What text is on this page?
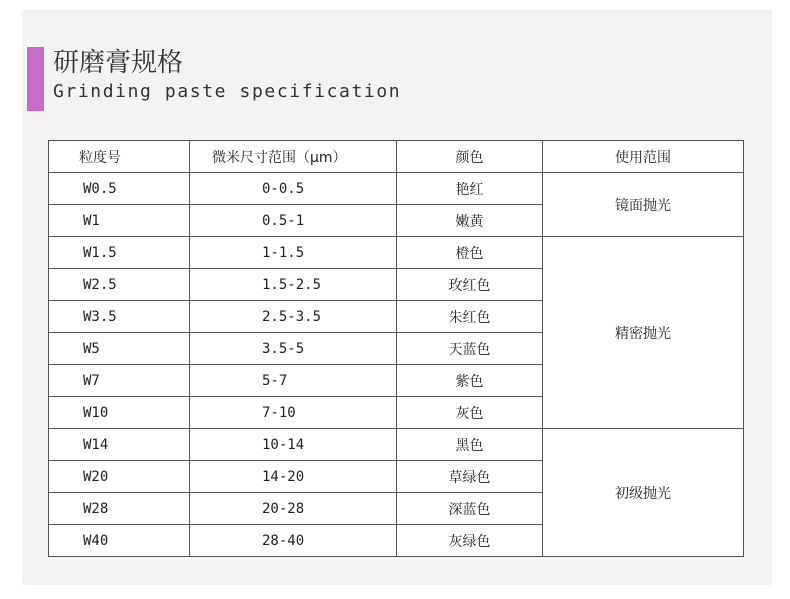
研磨膏规格
Grinding paste specification
粒度号	微米尺寸范围（μm）	颜色	使用范围
W0.5	0-0.5	艳红	镜面抛光
W1	0.5-1	嫩黄	
W1.5	1-1.5	橙色	精密抛光
W2.5	1.5-2.5	玫红色	
W3.5	2.5-3.5	朱红色	
W5	3.5-5	天蓝色	
W7	5-7	紫色	
W10	7-10	灰色	
W14	10-14	黑色	初级抛光
W20	14-20	草绿色	
W28	20-28	深蓝色	
W40	28-40	灰绿色	
